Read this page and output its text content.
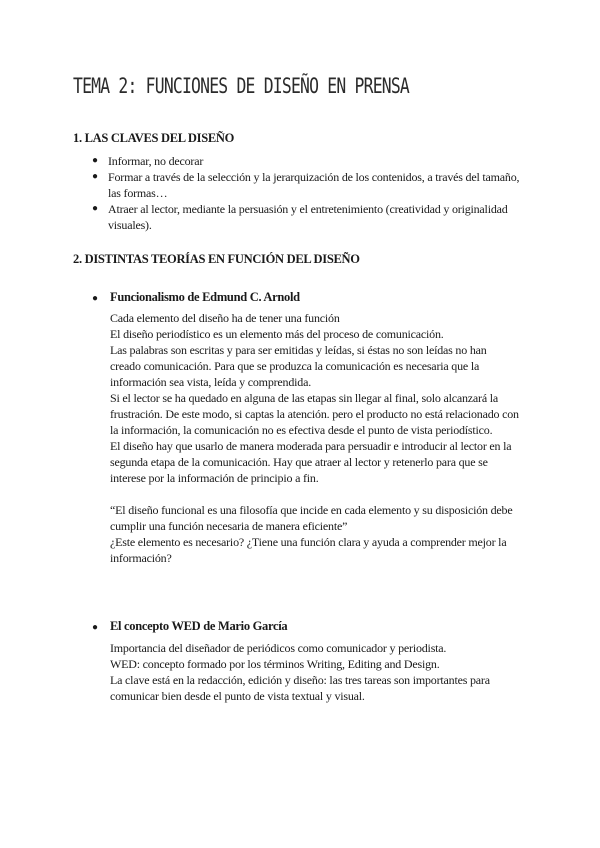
TEMA 2: FUNCIONES DE DISEÑO EN PRENSA
1. LAS CLAVES DEL DISEÑO
● Informar, no decorar
● Formar a través de la selección y la jerarquización de los contenidos, a través del tamaño, las formas…
● Atraer al lector, mediante la persuasión y el entretenimiento (creatividad y originalidad visuales).
2. DISTINTAS TEORÍAS EN FUNCIÓN DEL DISEÑO
● Funcionalismo de Edmund C. Arnold
Cada elemento del diseño ha de tener una función
El diseño periodístico es un elemento más del proceso de comunicación.
Las palabras son escritas y para ser emitidas y leídas, si éstas no son leídas no han creado comunicación. Para que se produzca la comunicación es necesaria que la información sea vista, leída y comprendida.
Si el lector se ha quedado en alguna de las etapas sin llegar al final, solo alcanzará la frustración. De este modo, si captas la atención. pero el producto no está relacionado con la información, la comunicación no es efectiva desde el punto de vista periodístico.
El diseño hay que usarlo de manera moderada para persuadir e introducir al lector en la segunda etapa de la comunicación. Hay que atraer al lector y retenerlo para que se interese por la información de principio a fin.
“El diseño funcional es una filosofía que incide en cada elemento y su disposición debe cumplir una función necesaria de manera eficiente”
¿Este elemento es necesario? ¿Tiene una función clara y ayuda a comprender mejor la información?
● El concepto WED de Mario García
Importancia del diseñador de periódicos como comunicador y periodista.
WED: concepto formado por los términos Writing, Editing and Design.
La clave está en la redacción, edición y diseño: las tres tareas son importantes para comunicar bien desde el punto de vista textual y visual.
